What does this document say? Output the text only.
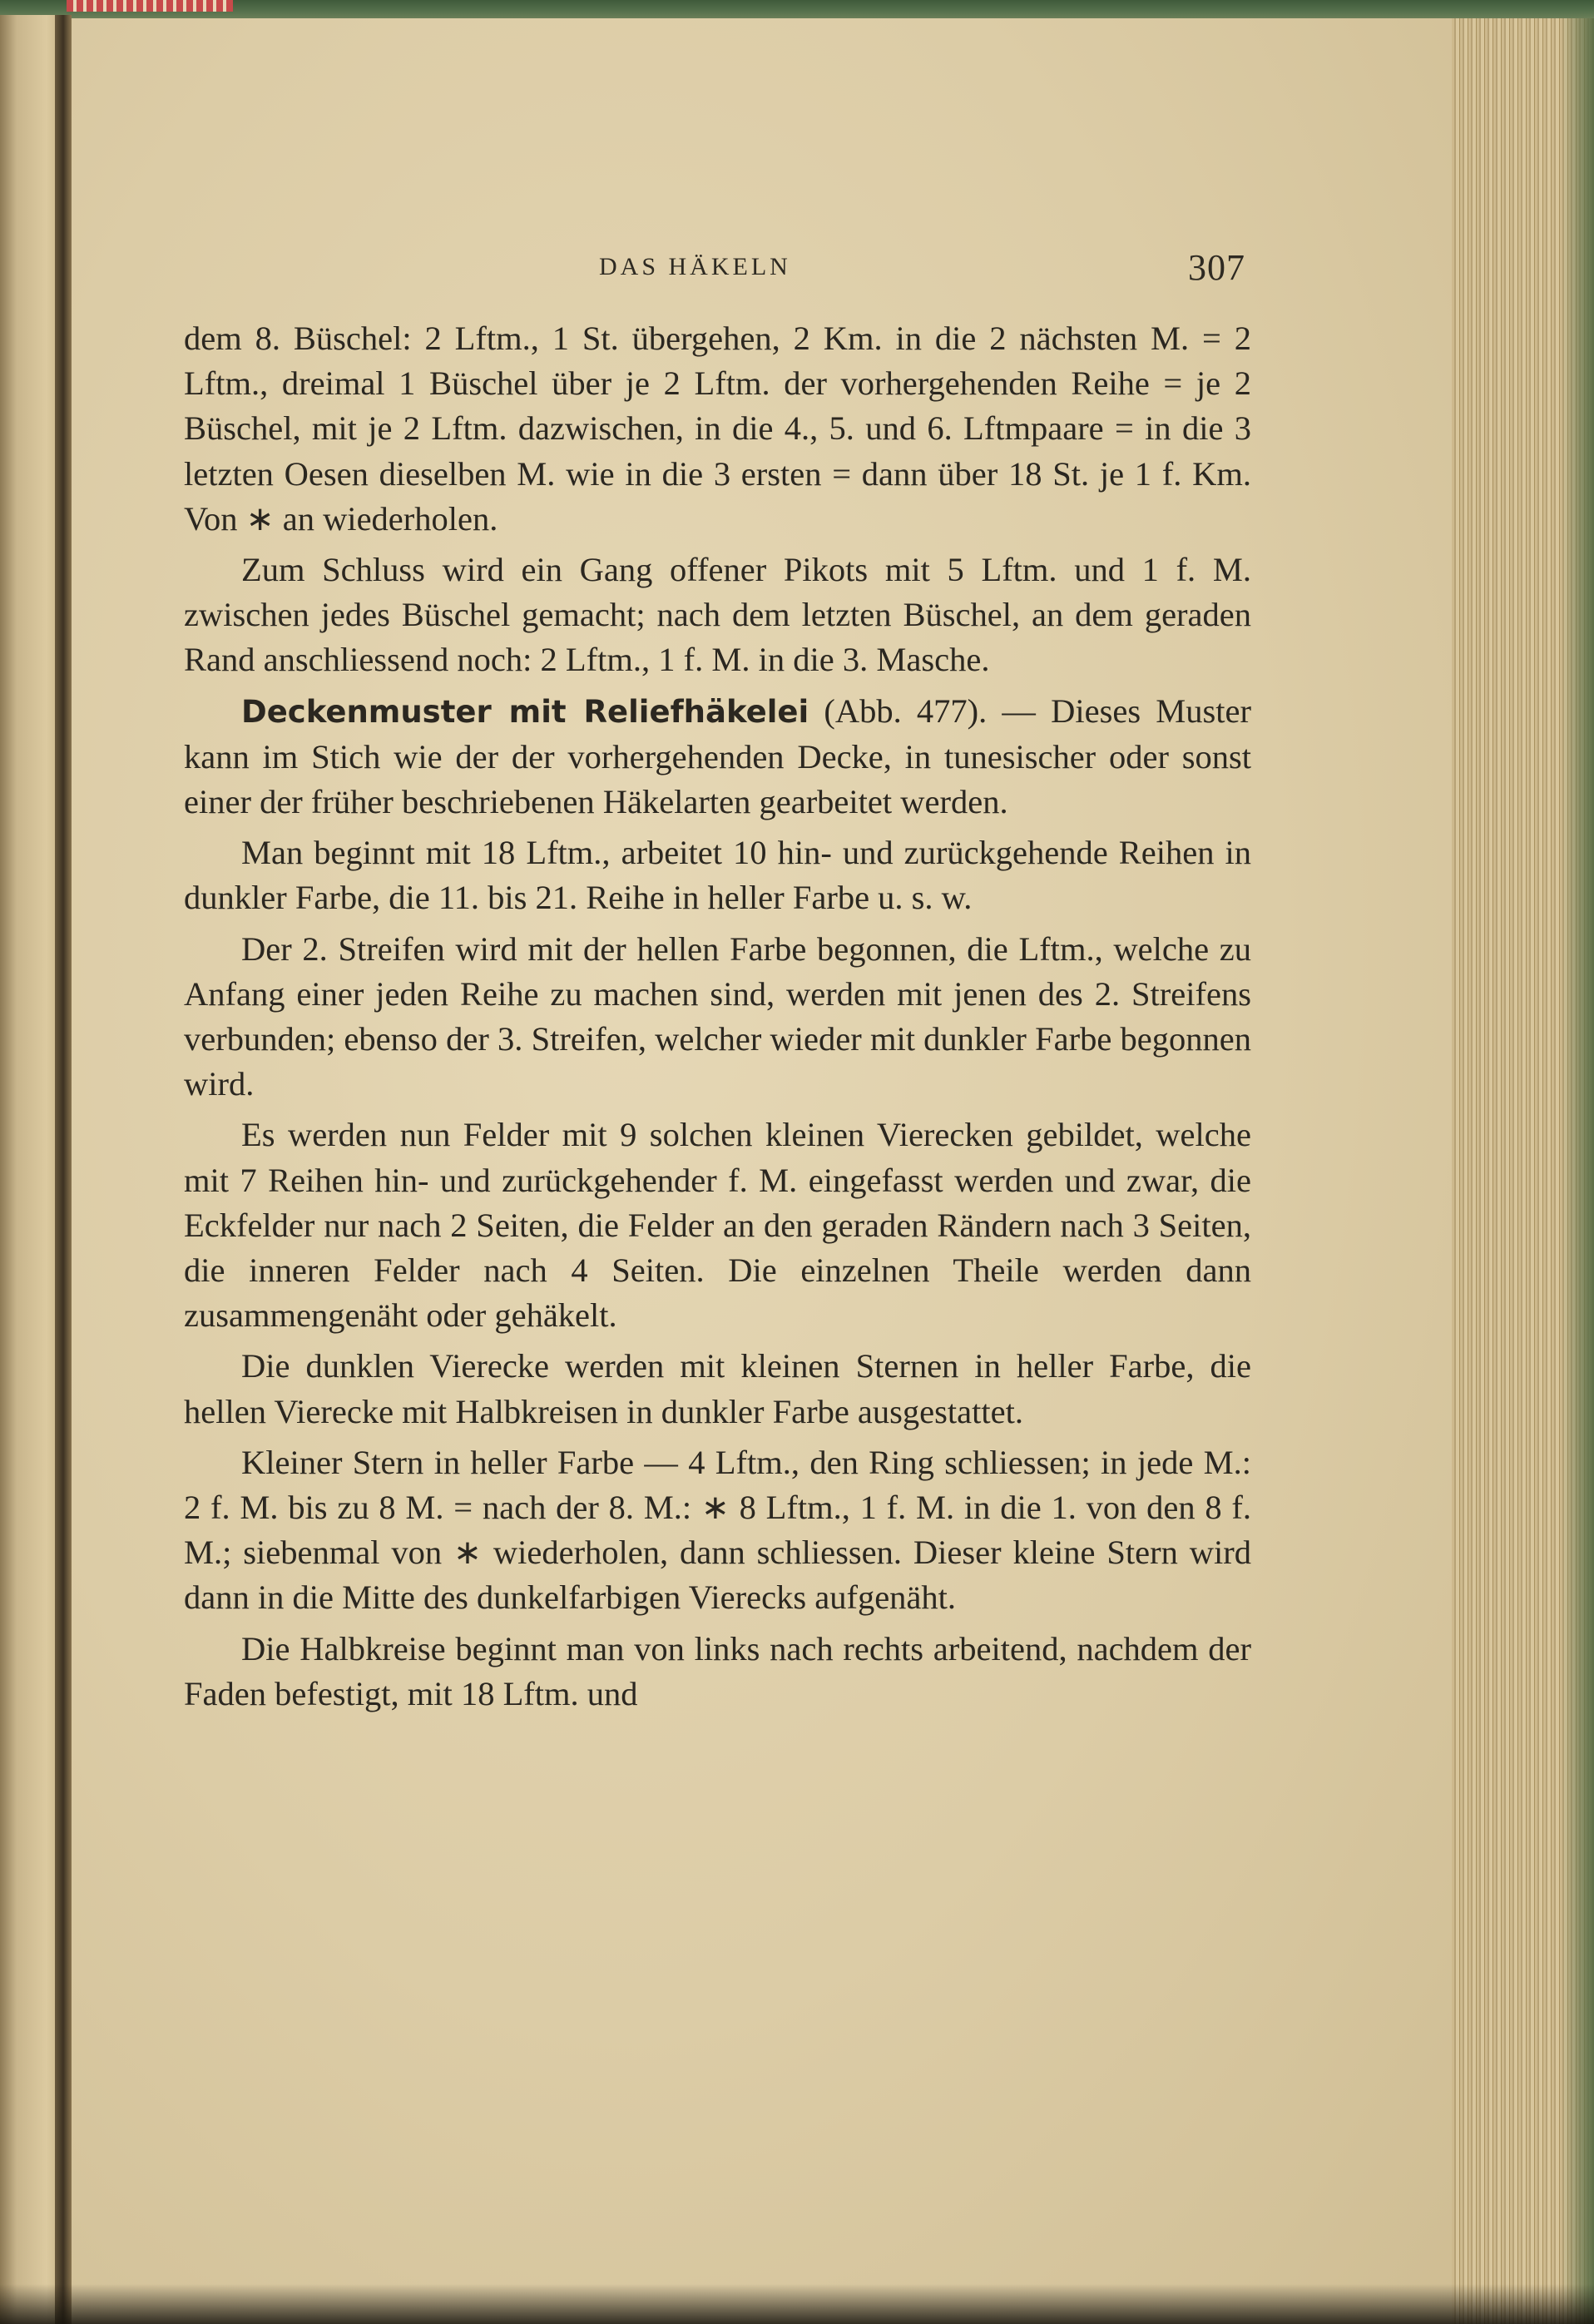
DAS HÄKELN	307

dem 8. Büschel: 2 Lftm., 1 St. übergehen, 2 Km. in die 2 nächsten M. = 2 Lftm., dreimal 1 Büschel über je 2 Lftm. der vorhergehenden Reihe = je 2 Büschel, mit je 2 Lftm. dazwischen, in die 4., 5. und 6. Lftmpaare = in die 3 letzten Oesen dieselben M. wie in die 3 ersten = dann über 18 St. je 1 f. Km. Von ∗ an wiederholen.

Zum Schluss wird ein Gang offener Pikots mit 5 Lftm. und 1 f. M. zwischen jedes Büschel gemacht; nach dem letzten Büschel, an dem geraden Rand anschliessend noch: 2 Lftm., 1 f. M. in die 3. Masche.

Deckenmuster mit Reliefhäkelei (Abb. 477). — Dieses Muster kann im Stich wie der der vorhergehenden Decke, in tunesischer oder sonst einer der früher beschriebenen Häkelarten gearbeitet werden.

Man beginnt mit 18 Lftm., arbeitet 10 hin- und zurückgehende Reihen in dunkler Farbe, die 11. bis 21. Reihe in heller Farbe u. s. w.

Der 2. Streifen wird mit der hellen Farbe begonnen, die Lftm., welche zu Anfang einer jeden Reihe zu machen sind, werden mit jenen des 2. Streifens verbunden; ebenso der 3. Streifen, welcher wieder mit dunkler Farbe begonnen wird.

Es werden nun Felder mit 9 solchen kleinen Vierecken gebildet, welche mit 7 Reihen hin- und zurückgehender f. M. eingefasst werden und zwar, die Eckfelder nur nach 2 Seiten, die Felder an den geraden Rändern nach 3 Seiten, die inneren Felder nach 4 Seiten. Die einzelnen Theile werden dann zusammengenäht oder gehäkelt.

Die dunklen Vierecke werden mit kleinen Sternen in heller Farbe, die hellen Vierecke mit Halbkreisen in dunkler Farbe ausgestattet.

Kleiner Stern in heller Farbe — 4 Lftm., den Ring schliessen; in jede M.: 2 f. M. bis zu 8 M. = nach der 8. M.: ∗ 8 Lftm., 1 f. M. in die 1. von den 8 f. M.; siebenmal von ∗ wiederholen, dann schliessen. Dieser kleine Stern wird dann in die Mitte des dunkelfarbigen Vierecks aufgenäht.

Die Halbkreise beginnt man von links nach rechts arbeitend, nachdem der Faden befestigt, mit 18 Lftm. und
